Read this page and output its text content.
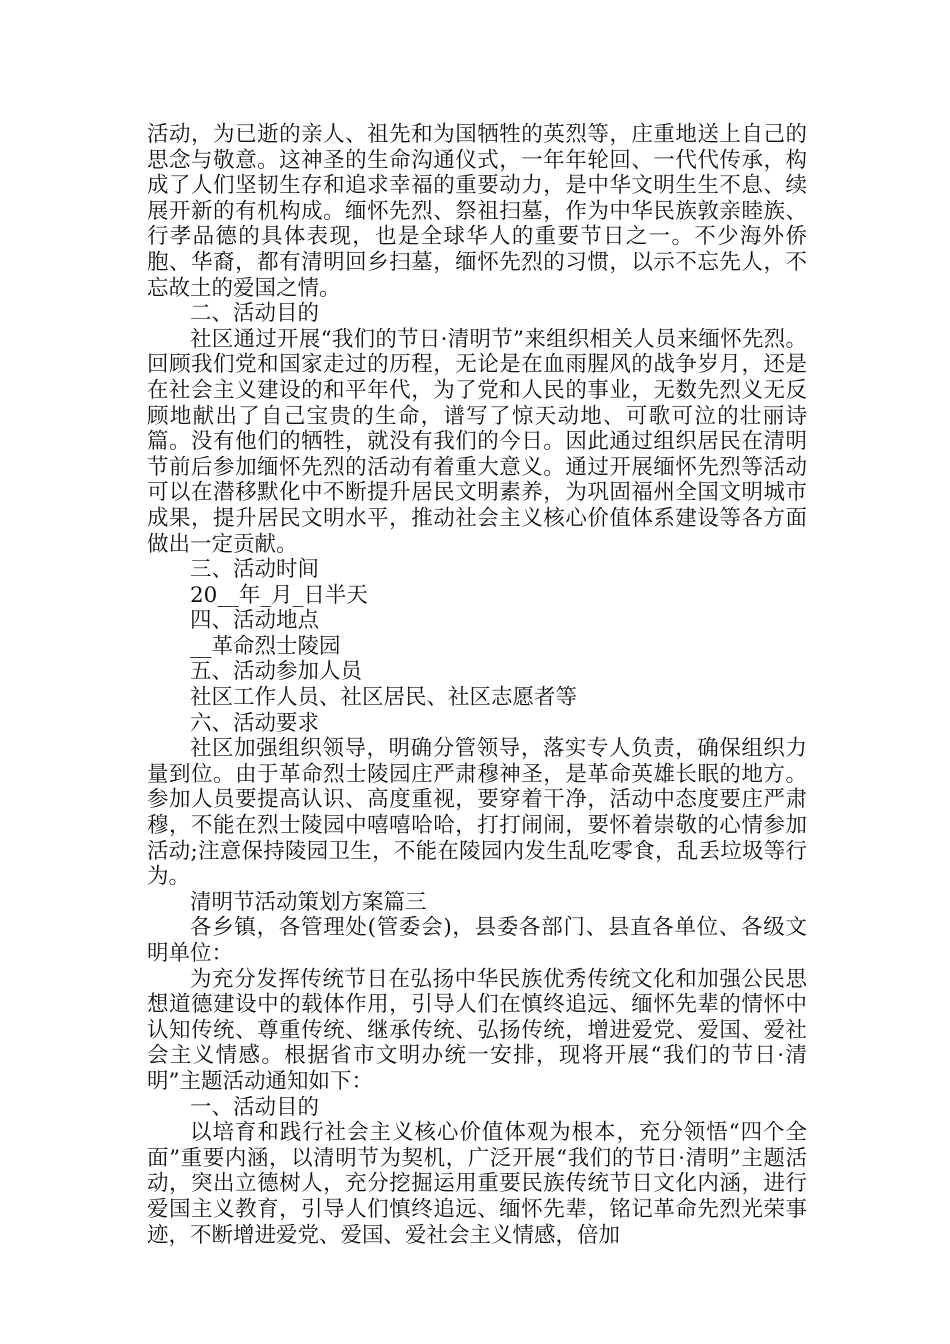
活动，为已逝的亲人、祖先和为国牺牲的英烈等，庄重地送上自己的思念与敬意。这神圣的生命沟通仪式，一年年轮回、一代代传承，构成了人们坚韧生存和追求幸福的重要动力，是中华文明生生不息、续展开新的有机构成。缅怀先烈、祭祖扫墓，作为中华民族敦亲睦族、行孝品德的具体表现，也是全球华人的重要节日之一。不少海外侨胞、华裔，都有清明回乡扫墓，缅怀先烈的习惯，以示不忘先人，不忘故土的爱国之情。

二、活动目的

社区通过开展“我们的节日·清明节”来组织相关人员来缅怀先烈。回顾我们党和国家走过的历程，无论是在血雨腥风的战争岁月，还是在社会主义建设的和平年代，为了党和人民的事业，无数先烈义无反顾地献出了自己宝贵的生命，谱写了惊天动地、可歌可泣的壮丽诗篇。没有他们的牺牲，就没有我们的今日。因此通过组织居民在清明节前后参加缅怀先烈的活动有着重大意义。通过开展缅怀先烈等活动可以在潜移默化中不断提升居民文明素养，为巩固福州全国文明城市成果，提升居民文明水平，推动社会主义核心价值体系建设等各方面做出一定贡献。

三、活动时间

20__年_月_日半天

四、活动地点

__革命烈士陵园

五、活动参加人员

社区工作人员、社区居民、社区志愿者等

六、活动要求

社区加强组织领导，明确分管领导，落实专人负责，确保组织力量到位。由于革命烈士陵园庄严肃穆神圣，是革命英雄长眠的地方。参加人员要提高认识、高度重视，要穿着干净，活动中态度要庄严肃穆，不能在烈士陵园中嘻嘻哈哈，打打闹闹，要怀着崇敬的心情参加活动;注意保持陵园卫生，不能在陵园内发生乱吃零食，乱丢垃圾等行为。

清明节活动策划方案篇三

各乡镇，各管理处(管委会)，县委各部门、县直各单位、各级文明单位：

为充分发挥传统节日在弘扬中华民族优秀传统文化和加强公民思想道德建设中的载体作用，引导人们在慎终追远、缅怀先辈的情怀中认知传统、尊重传统、继承传统、弘扬传统，增进爱党、爱国、爱社会主义情感。根据省市文明办统一安排，现将开展“我们的节日·清明”主题活动通知如下：

一、活动目的

以培育和践行社会主义核心价值体观为根本，充分领悟“四个全面”重要内涵，以清明节为契机，广泛开展“我们的节日·清明”主题活动，突出立德树人，充分挖掘运用重要民族传统节日文化内涵，进行爱国主义教育，引导人们慎终追远、缅怀先辈，铭记革命先烈光荣事迹，不断增进爱党、爱国、爱社会主义情感，倍加
